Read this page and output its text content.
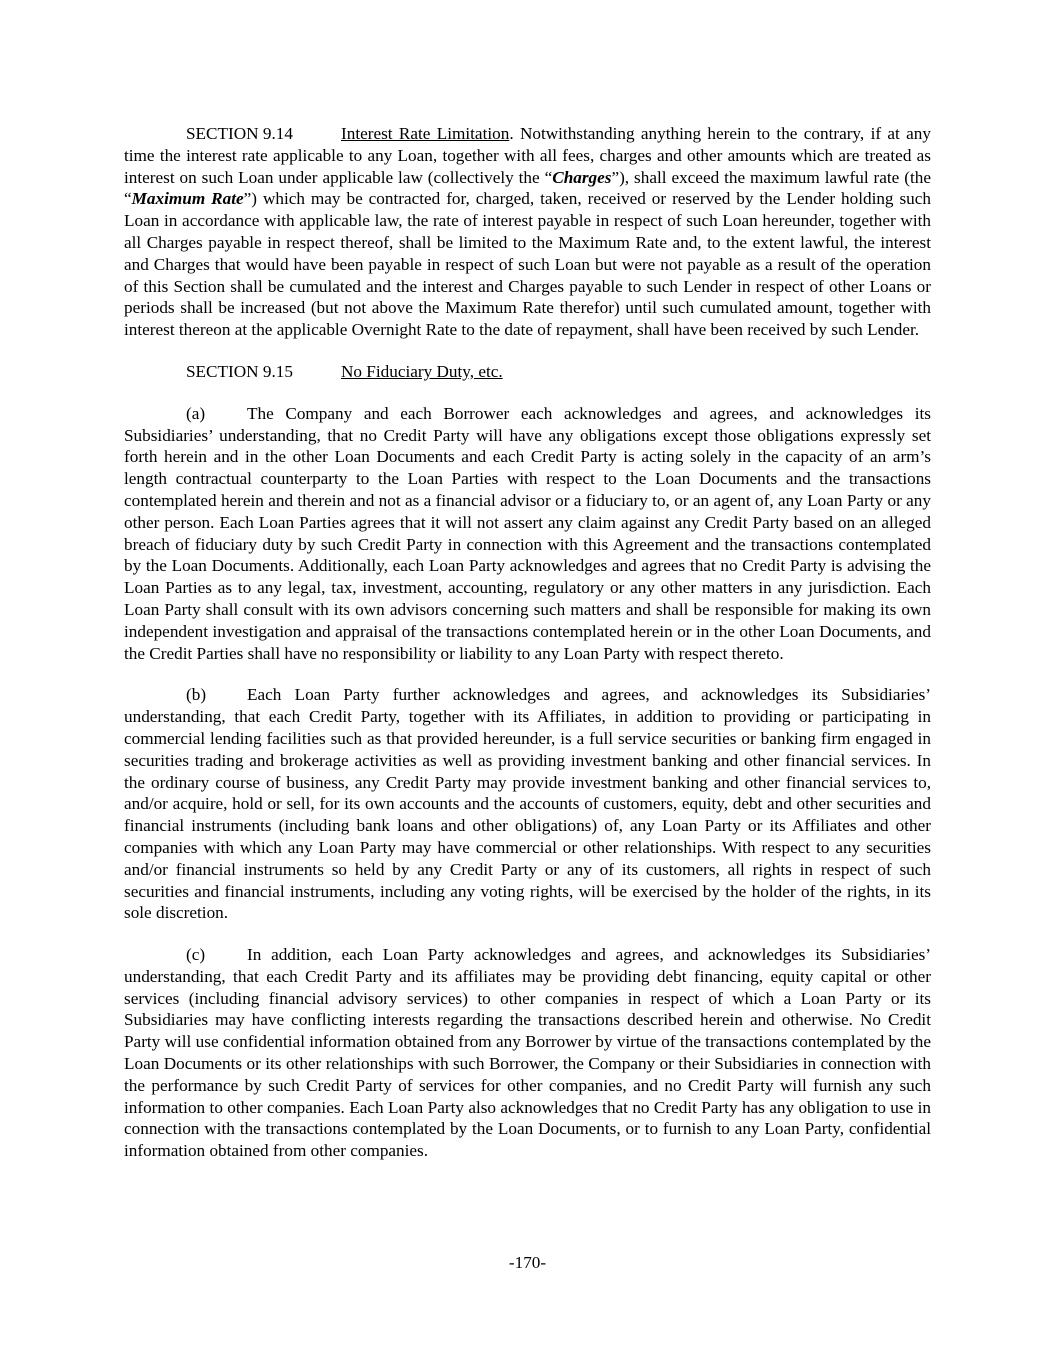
SECTION 9.14	Interest Rate Limitation. Notwithstanding anything herein to the contrary, if at any time the interest rate applicable to any Loan, together with all fees, charges and other amounts which are treated as interest on such Loan under applicable law (collectively the “Charges”), shall exceed the maximum lawful rate (the “Maximum Rate”) which may be contracted for, charged, taken, received or reserved by the Lender holding such Loan in accordance with applicable law, the rate of interest payable in respect of such Loan hereunder, together with all Charges payable in respect thereof, shall be limited to the Maximum Rate and, to the extent lawful, the interest and Charges that would have been payable in respect of such Loan but were not payable as a result of the operation of this Section shall be cumulated and the interest and Charges payable to such Lender in respect of other Loans or periods shall be increased (but not above the Maximum Rate therefor) until such cumulated amount, together with interest thereon at the applicable Overnight Rate to the date of repayment, shall have been received by such Lender.

SECTION 9.15	No Fiduciary Duty, etc.

(a) The Company and each Borrower each acknowledges and agrees, and acknowledges its Subsidiaries’ understanding, that no Credit Party will have any obligations except those obligations expressly set forth herein and in the other Loan Documents and each Credit Party is acting solely in the capacity of an arm’s length contractual counterparty to the Loan Parties with respect to the Loan Documents and the transactions contemplated herein and therein and not as a financial advisor or a fiduciary to, or an agent of, any Loan Party or any other person. Each Loan Parties agrees that it will not assert any claim against any Credit Party based on an alleged breach of fiduciary duty by such Credit Party in connection with this Agreement and the transactions contemplated by the Loan Documents. Additionally, each Loan Party acknowledges and agrees that no Credit Party is advising the Loan Parties as to any legal, tax, investment, accounting, regulatory or any other matters in any jurisdiction. Each Loan Party shall consult with its own advisors concerning such matters and shall be responsible for making its own independent investigation and appraisal of the transactions contemplated herein or in the other Loan Documents, and the Credit Parties shall have no responsibility or liability to any Loan Party with respect thereto.

(b) Each Loan Party further acknowledges and agrees, and acknowledges its Subsidiaries’ understanding, that each Credit Party, together with its Affiliates, in addition to providing or participating in commercial lending facilities such as that provided hereunder, is a full service securities or banking firm engaged in securities trading and brokerage activities as well as providing investment banking and other financial services. In the ordinary course of business, any Credit Party may provide investment banking and other financial services to, and/or acquire, hold or sell, for its own accounts and the accounts of customers, equity, debt and other securities and financial instruments (including bank loans and other obligations) of, any Loan Party or its Affiliates and other companies with which any Loan Party may have commercial or other relationships. With respect to any securities and/or financial instruments so held by any Credit Party or any of its customers, all rights in respect of such securities and financial instruments, including any voting rights, will be exercised by the holder of the rights, in its sole discretion.

(c) In addition, each Loan Party acknowledges and agrees, and acknowledges its Subsidiaries’ understanding, that each Credit Party and its affiliates may be providing debt financing, equity capital or other services (including financial advisory services) to other companies in respect of which a Loan Party or its Subsidiaries may have conflicting interests regarding the transactions described herein and otherwise. No Credit Party will use confidential information obtained from any Borrower by virtue of the transactions contemplated by the Loan Documents or its other relationships with such Borrower, the Company or their Subsidiaries in connection with the performance by such Credit Party of services for other companies, and no Credit Party will furnish any such information to other companies. Each Loan Party also acknowledges that no Credit Party has any obligation to use in connection with the transactions contemplated by the Loan Documents, or to furnish to any Loan Party, confidential information obtained from other companies.

-170-
